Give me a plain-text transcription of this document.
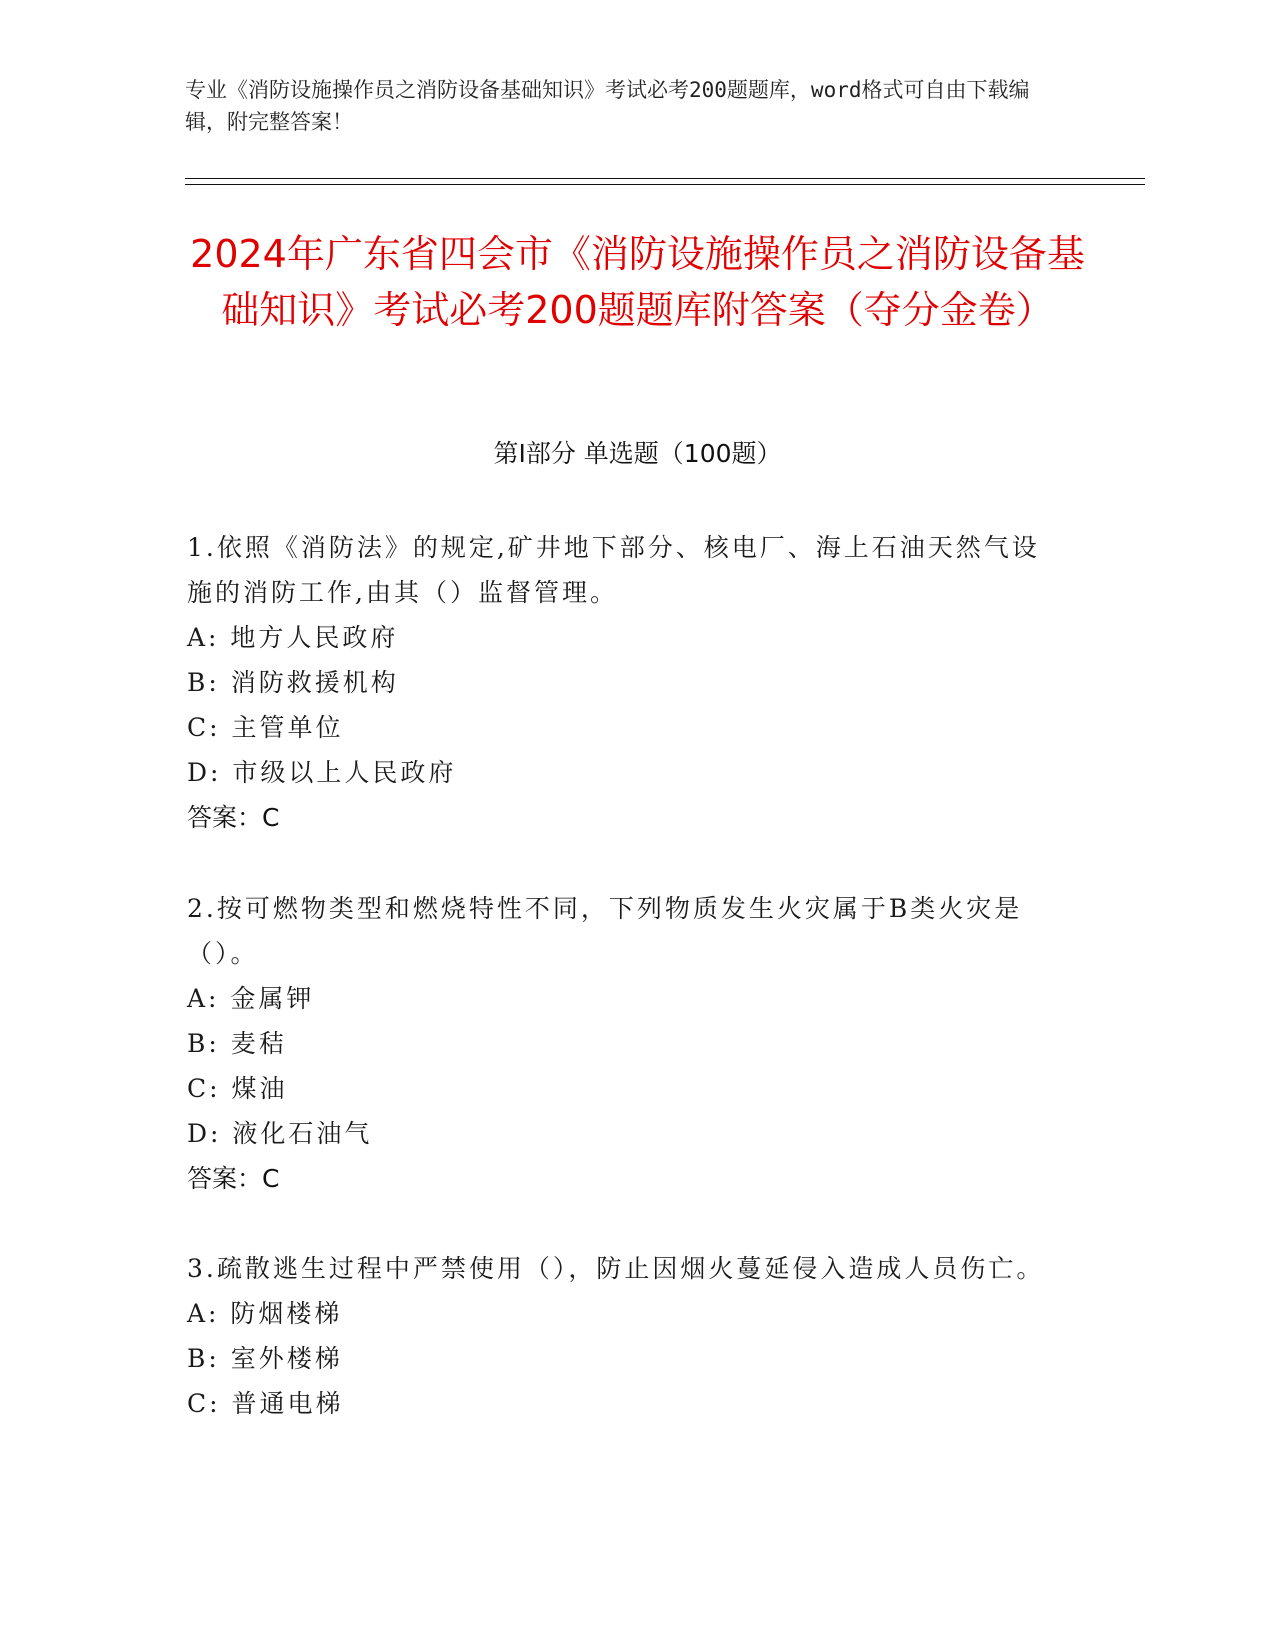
专业《消防设施操作员之消防设备基础知识》考试必考200题题库，word格式可自由下载编辑，附完整答案！
2024年广东省四会市《消防设施操作员之消防设备基础知识》考试必考200题题库附答案（夺分金卷）
第Ⅰ部分 单选题（100题）
1.依照《消防法》的规定,矿井地下部分、核电厂、海上石油天然气设施的消防工作,由其（）监督管理。
A: 地方人民政府
B: 消防救援机构
C: 主管单位
D: 市级以上人民政府
答案：C
2.按可燃物类型和燃烧特性不同，下列物质发生火灾属于B类火灾是（）。
A: 金属钾
B: 麦秸
C: 煤油
D: 液化石油气
答案：C
3.疏散逃生过程中严禁使用（），防止因烟火蔓延侵入造成人员伤亡。
A: 防烟楼梯
B: 室外楼梯
C: 普通电梯
